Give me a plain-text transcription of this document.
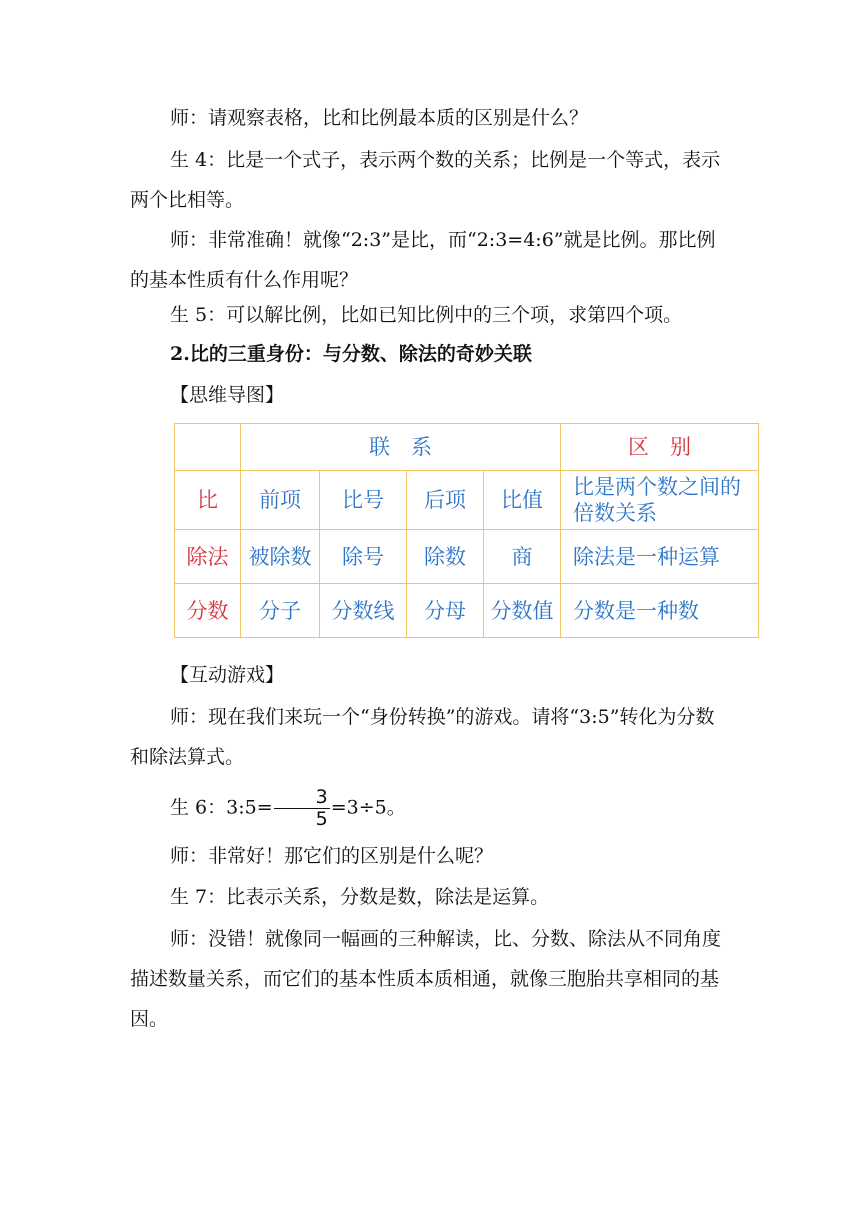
师：请观察表格，比和比例最本质的区别是什么？

生 4：比是一个式子，表示两个数的关系；比例是一个等式，表示两个比相等。

师：非常准确！就像“2:3”是比，而“2:3=4:6”就是比例。那比例的基本性质有什么作用呢？

生 5：可以解比例，比如已知比例中的三个项，求第四个项。

2.比的三重身份：与分数、除法的奇妙关联

【思维导图】

	联　系				区　别
比	前项	比号	后项	比值	比是两个数之间的倍数关系
除法	被除数	除号	除数	商	除法是一种运算
分数	分子	分数线	分母	分数值	分数是一种数

【互动游戏】

师：现在我们来玩一个“身份转换”的游戏。请将“3:5”转化为分数和除法算式。

生 6：3:5= $\frac{3}{5} =3\div 5$。

师：非常好！那它们的区别是什么呢？

生 7：比表示关系，分数是数，除法是运算。

师：没错！就像同一幅画的三种解读，比、分数、除法从不同角度描述数量关系，而它们的基本性质本质相通，就像三胞胎共享相同的基因。
